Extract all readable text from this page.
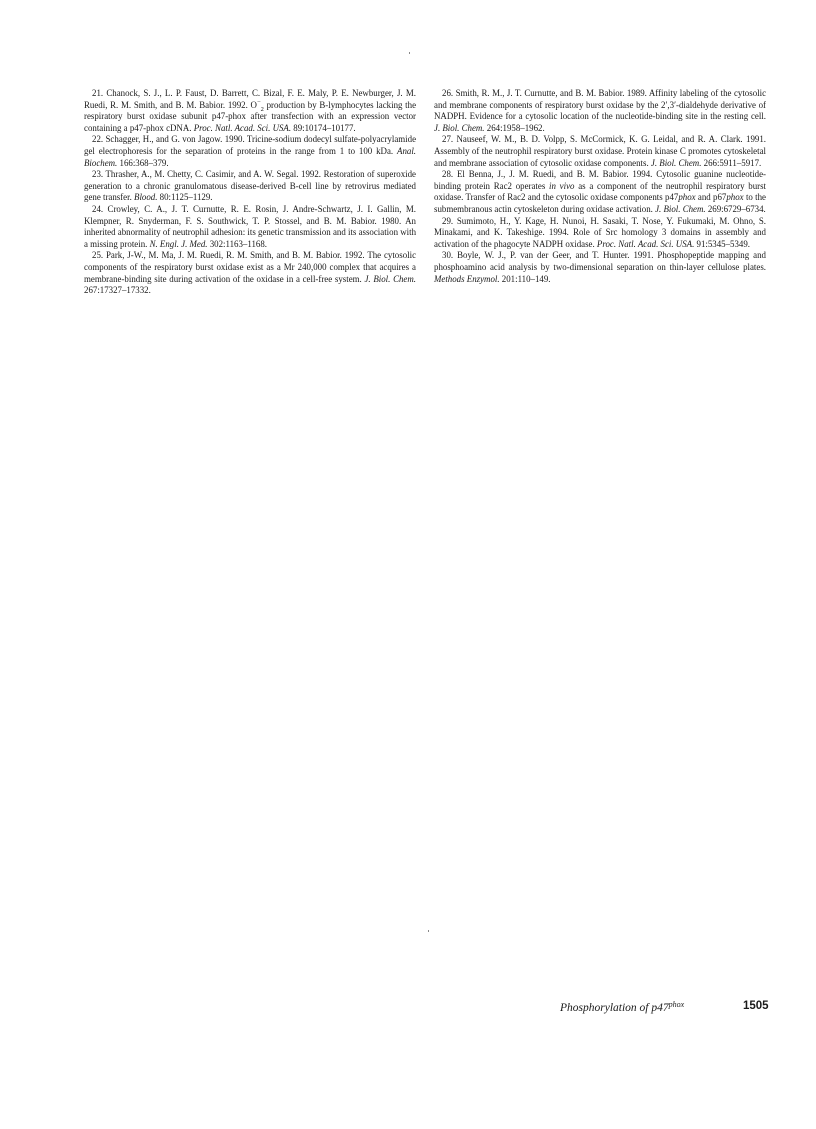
21. Chanock, S. J., L. P. Faust, D. Barrett, C. Bizal, F. E. Maly, P. E. Newburger, J. M. Ruedi, R. M. Smith, and B. M. Babior. 1992. $O^-_2$ production by B-lymphocytes lacking the respiratory burst oxidase subunit p47-phox after transfection with an expression vector containing a p47-phox cDNA. Proc. Natl. Acad. Sci. USA. 89:10174–10177.

22. Schagger, H., and G. von Jagow. 1990. Tricine-sodium dodecyl sulfate-polyacrylamide gel electrophoresis for the separation of proteins in the range from 1 to 100 kDa. Anal. Biochem. 166:368–379.

23. Thrasher, A., M. Chetty, C. Casimir, and A. W. Segal. 1992. Restoration of superoxide generation to a chronic granulomatous disease-derived B-cell line by retrovirus mediated gene transfer. Blood. 80:1125–1129.

24. Crowley, C. A., J. T. Curnutte, R. E. Rosin, J. Andre-Schwartz, J. I. Gallin, M. Klempner, R. Snyderman, F. S. Southwick, T. P. Stossel, and B. M. Babior. 1980. An inherited abnormality of neutrophil adhesion: its genetic transmission and its association with a missing protein. N. Engl. J. Med. 302:1163–1168.

25. Park, J-W., M. Ma, J. M. Ruedi, R. M. Smith, and B. M. Babior. 1992. The cytosolic components of the respiratory burst oxidase exist as a Mr 240,000 complex that acquires a membrane-binding site during activation of the oxidase in a cell-free system. J. Biol. Chem. 267:17327–17332.

26. Smith, R. M., J. T. Curnutte, and B. M. Babior. 1989. Affinity labeling of the cytosolic and membrane components of respiratory burst oxidase by the 2′,3′-dialdehyde derivative of NADPH. Evidence for a cytosolic location of the nucleotide-binding site in the resting cell. J. Biol. Chem. 264:1958–1962.

27. Nauseef, W. M., B. D. Volpp, S. McCormick, K. G. Leidal, and R. A. Clark. 1991. Assembly of the neutrophil respiratory burst oxidase. Protein kinase C promotes cytoskeletal and membrane association of cytosolic oxidase components. J. Biol. Chem. 266:5911–5917.

28. El Benna, J., J. M. Ruedi, and B. M. Babior. 1994. Cytosolic guanine nucleotide-binding protein Rac2 operates in vivo as a component of the neutrophil respiratory burst oxidase. Transfer of Rac2 and the cytosolic oxidase components p47phox and p67phox to the submembranous actin cytoskeleton during oxidase activation. J. Biol. Chem. 269:6729–6734.

29. Sumimoto, H., Y. Kage, H. Nunoi, H. Sasaki, T. Nose, Y. Fukumaki, M. Ohno, S. Minakami, and K. Takeshige. 1994. Role of Src homology 3 domains in assembly and activation of the phagocyte NADPH oxidase. Proc. Natl. Acad. Sci. USA. 91:5345–5349.

30. Boyle, W. J., P. van der Geer, and T. Hunter. 1991. Phosphopeptide mapping and phosphoamino acid analysis by two-dimensional separation on thin-layer cellulose plates. Methods Enzymol. 201:110–149.

Phosphorylation of $p47^{phox}$	1505
